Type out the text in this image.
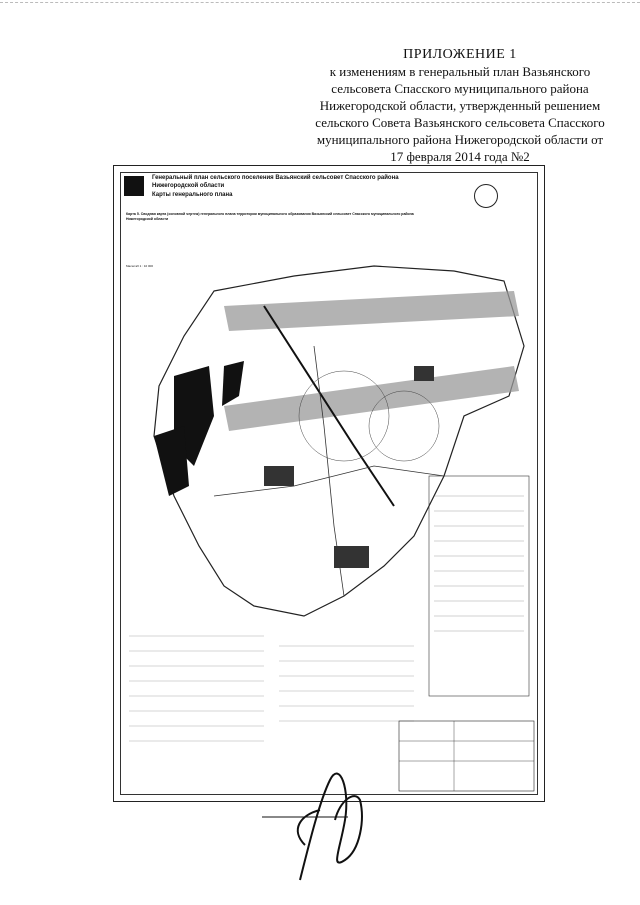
ПРИЛОЖЕНИЕ 1
к изменениям в генеральный план Вазьянского
сельсовета Спасского муниципального района
Нижегородской области, утвержденный решением
сельского Совета Вазьянского сельсовета Спасского
муниципального района Нижегородской области от
17 февраля 2014 года №2
Генеральный план сельского поселения Вазьянский сельсовет Спасского района Нижегородской области
Карты генерального плана
Карта 5. Сводная карта (основной чертеж) генерального плана территории муниципального образования Вазьянский сельсовет Спасского муниципального района Нижегородской области
Масштаб 1 : 10 000
